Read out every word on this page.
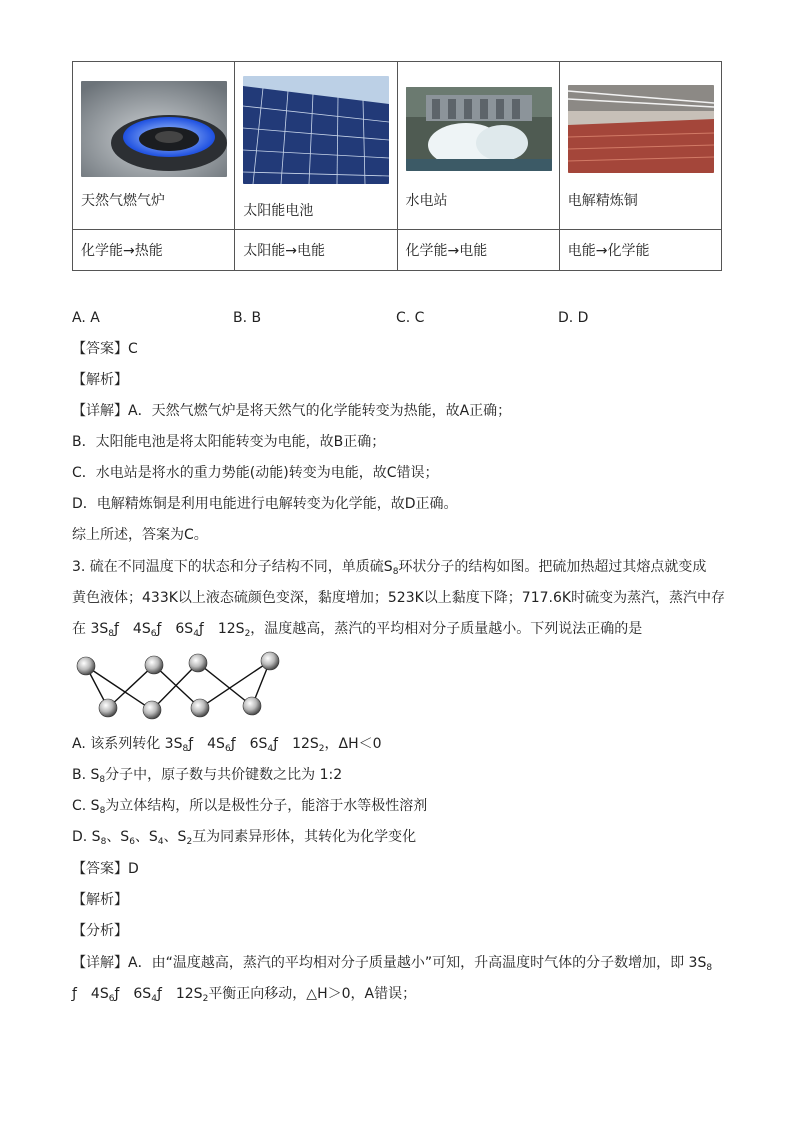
天然气燃气炉	太阳能电池	水电站	电解精炼铜

化学能→热能	太阳能→电能	化学能→电能	电能→化学能
A. A	B. B	C. C	D. D
【答案】C
【解析】
【详解】A．天然气燃气炉是将天然气的化学能转变为热能，故A正确；
B．太阳能电池是将太阳能转变为电能，故B正确；
C．水电站是将水的重力势能(动能)转变为电能，故C错误；
D．电解精炼铜是利用电能进行电解转变为化学能，故D正确。
综上所述，答案为C。
3. 硫在不同温度下的状态和分子结构不同，单质硫$S_8$环状分子的结构如图。把硫加热超过其熔点就变成
黄色液体；433K以上液态硫颜色变深，黏度增加；523K以上黏度下降；717.6K时硫变为蒸汽，蒸汽中存
在 $3S_8ƒ$　$4S_6ƒ$　$6S_4ƒ$　$12S_2$，温度越高，蒸汽的平均相对分子质量越小。下列说法正确的是
A. 该系列转化 $3S_8ƒ$　$4S_6ƒ$　$6S_4ƒ$　$12S_2$，ΔH＜0
B. $S_8$分子中，原子数与共价键数之比为 1:2
C. $S_8$为立体结构，所以是极性分子，能溶于水等极性溶剂
D. $S_8$、$S_6$、$S_4$、$S_2$互为同素异形体，其转化为化学变化
【答案】D
【解析】
【分析】
【详解】A．由“温度越高，蒸汽的平均相对分子质量越小”可知，升高温度时气体的分子数增加，即 $3S_8$
ƒ　$4S_6ƒ$　$6S_4ƒ$　$12S_2$平衡正向移动，△H＞0，A错误；
